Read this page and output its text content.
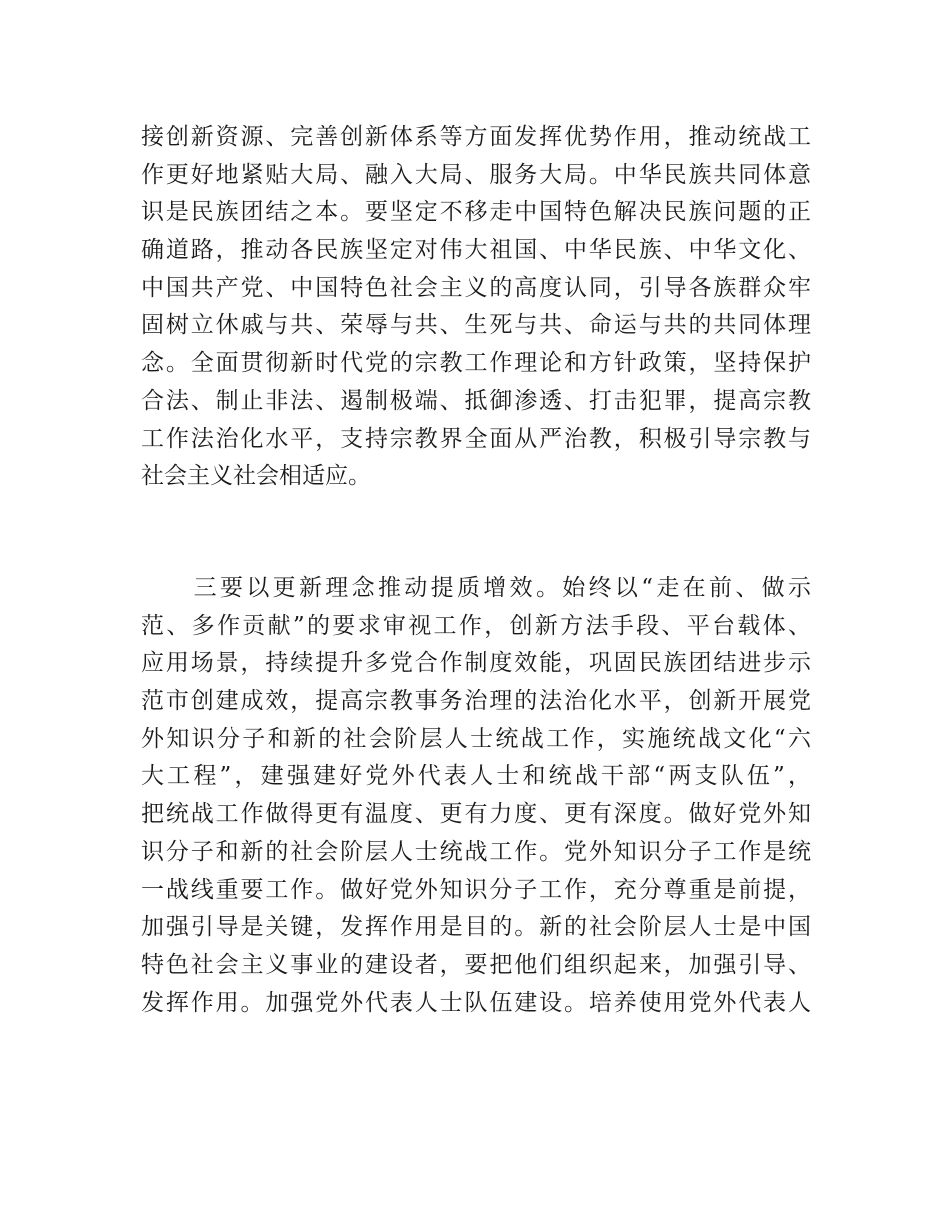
接创新资源、完善创新体系等方面发挥优势作用，推动统战工
作更好地紧贴大局、融入大局、服务大局。中华民族共同体意
识是民族团结之本。要坚定不移走中国特色解决民族问题的正
确道路，推动各民族坚定对伟大祖国、中华民族、中华文化、
中国共产党、中国特色社会主义的高度认同，引导各族群众牢
固树立休戚与共、荣辱与共、生死与共、命运与共的共同体理
念。全面贯彻新时代党的宗教工作理论和方针政策，坚持保护
合法、制止非法、遏制极端、抵御渗透、打击犯罪，提高宗教
工作法治化水平，支持宗教界全面从严治教，积极引导宗教与
社会主义社会相适应。
　　三要以更新理念推动提质增效。始终以“走在前、做示
范、多作贡献”的要求审视工作，创新方法手段、平台载体、
应用场景，持续提升多党合作制度效能，巩固民族团结进步示
范市创建成效，提高宗教事务治理的法治化水平，创新开展党
外知识分子和新的社会阶层人士统战工作，实施统战文化“六
大工程”，建强建好党外代表人士和统战干部“两支队伍”，
把统战工作做得更有温度、更有力度、更有深度。做好党外知
识分子和新的社会阶层人士统战工作。党外知识分子工作是统
一战线重要工作。做好党外知识分子工作，充分尊重是前提，
加强引导是关键，发挥作用是目的。新的社会阶层人士是中国
特色社会主义事业的建设者，要把他们组织起来，加强引导、
发挥作用。加强党外代表人士队伍建设。培养使用党外代表人
